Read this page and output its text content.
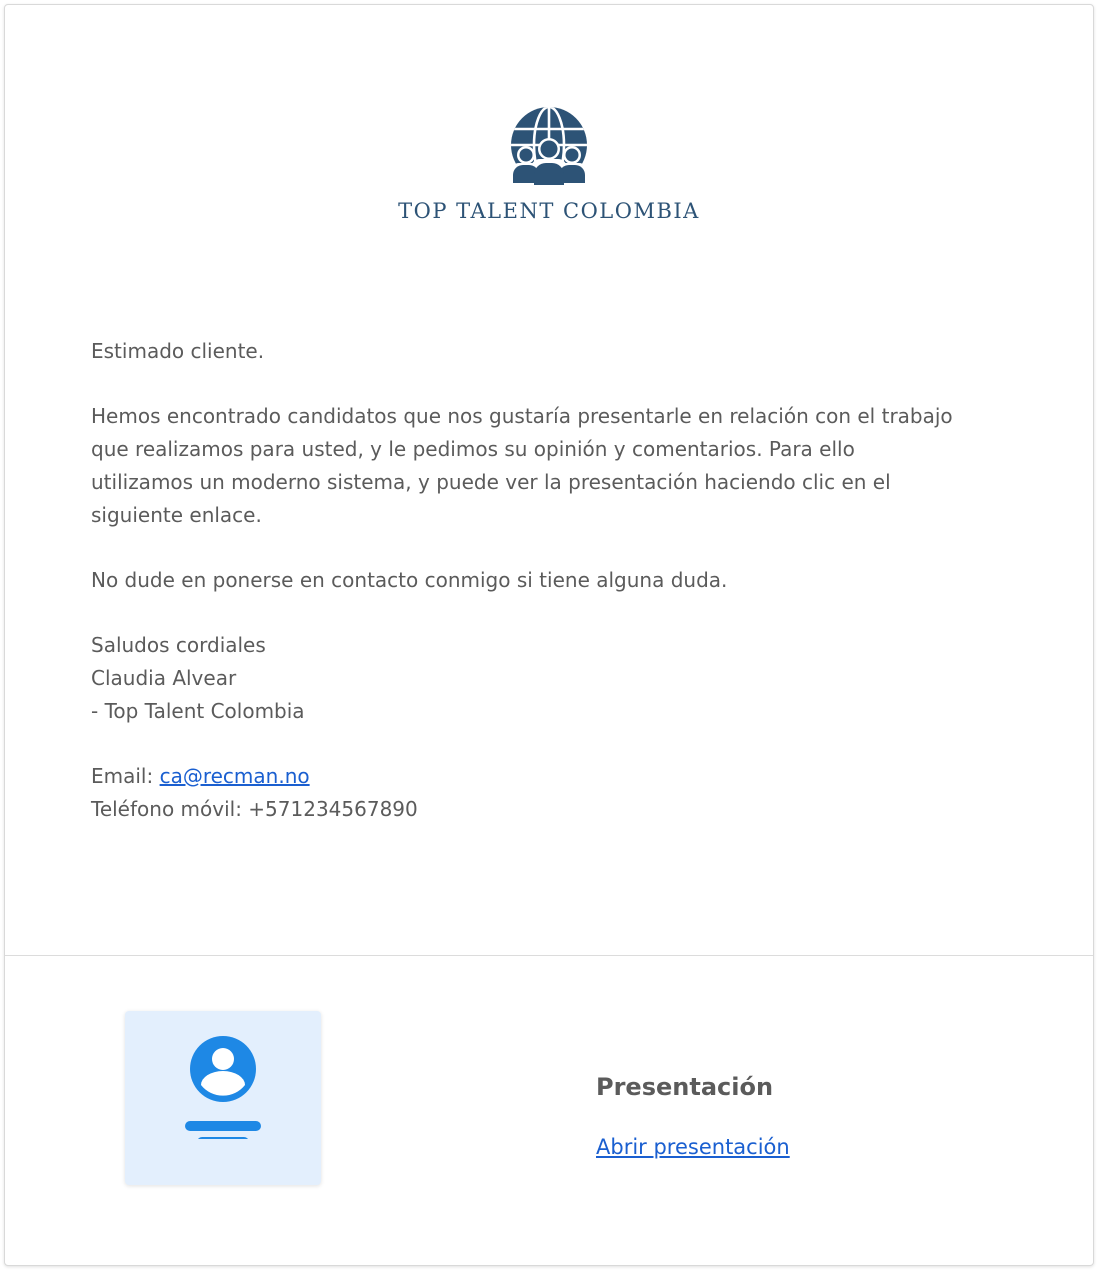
TOP TALENT COLOMBIA

Estimado cliente.

Hemos encontrado candidatos que nos gustaría presentarle en relación con el trabajo
que realizamos para usted, y le pedimos su opinión y comentarios. Para ello
utilizamos un moderno sistema, y puede ver la presentación haciendo clic en el
siguiente enlace.

No dude en ponerse en contacto conmigo si tiene alguna duda.

Saludos cordiales
Claudia Alvear
- Top Talent Colombia

Email: ca@recman.no
Teléfono móvil: +571234567890

Presentación
Abrir presentación
